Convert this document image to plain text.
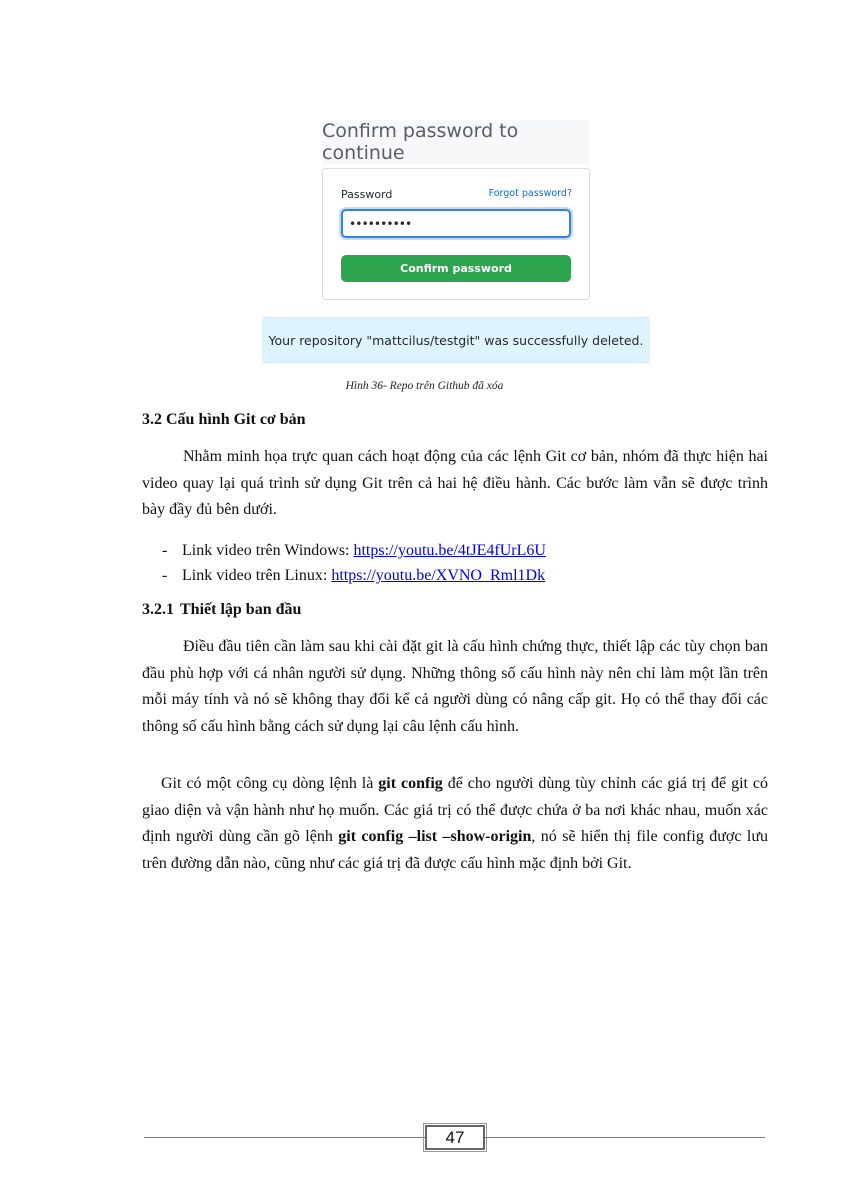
Confirm password to continue
Password	Forgot password?
••••••••••
Confirm password
Your repository "mattcilus/testgit" was successfully deleted.
Hình 36- Repo trên Github đã xóa
3.2 Cấu hình Git cơ bản

Nhằm minh họa trực quan cách hoạt động của các lệnh Git cơ bản, nhóm đã thực hiện hai video quay lại quá trình sử dụng Git trên cả hai hệ điều hành. Các bước làm vẫn sẽ được trình bày đầy đủ bên dưới.

- Link video trên Windows: https://youtu.be/4tJE4fUrL6U
- Link video trên Linux: https://youtu.be/XVNO_Rml1Dk
3.2.1 Thiết lập ban đầu

Điều đầu tiên cần làm sau khi cài đặt git là cấu hình chứng thực, thiết lập các tùy chọn ban đầu phù hợp với cá nhân người sử dụng. Những thông số cấu hình này nên chỉ làm một lần trên mỗi máy tính và nó sẽ không thay đổi kể cả người dùng có nâng cấp git. Họ có thể thay đổi các thông số cấu hình bằng cách sử dụng lại câu lệnh cấu hình.

Git có một công cụ dòng lệnh là git config để cho người dùng tùy chỉnh các giá trị để git có giao diện và vận hành như họ muốn. Các giá trị có thể được chứa ở ba nơi khác nhau, muốn xác định người dùng cần gõ lệnh git config –list –show-origin, nó sẽ hiển thị file config được lưu trên đường dẫn nào, cũng như các giá trị đã được cấu hình mặc định bởi Git.

47
